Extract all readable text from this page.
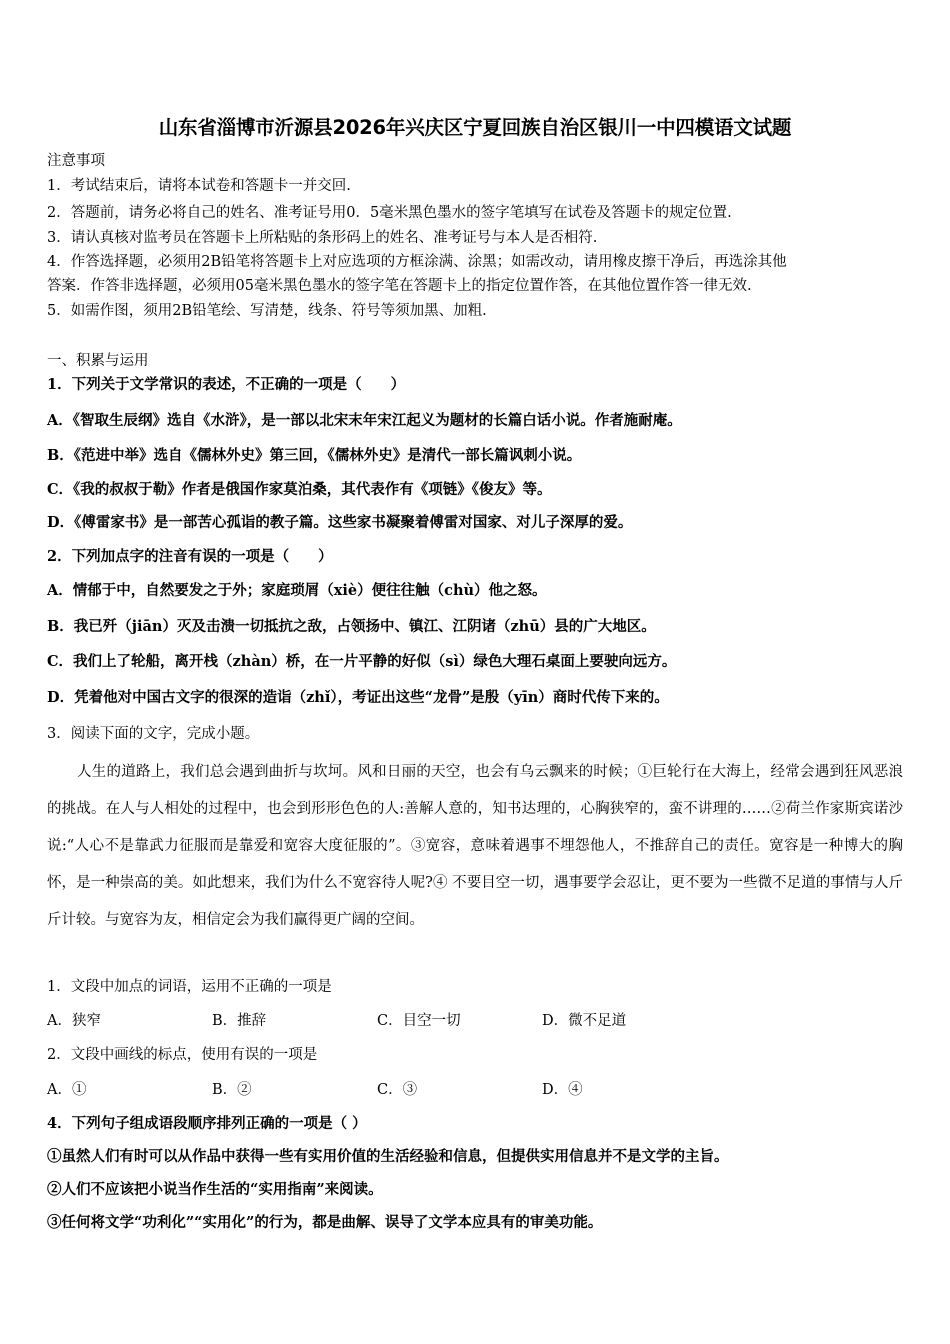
山东省淄博市沂源县2026年兴庆区宁夏回族自治区银川一中四模语文试题
注意事项
1．考试结束后，请将本试卷和答题卡一并交回.
2．答题前，请务必将自己的姓名、准考证号用0．5毫米黑色墨水的签字笔填写在试卷及答题卡的规定位置.
3．请认真核对监考员在答题卡上所粘贴的条形码上的姓名、准考证号与本人是否相符.
4．作答选择题，必须用2B铅笔将答题卡上对应选项的方框涂满、涂黑；如需改动，请用橡皮擦干净后，再选涂其他
答案．作答非选择题，必须用05毫米黑色墨水的签字笔在答题卡上的指定位置作答，在其他位置作答一律无效.
5．如需作图，须用2B铅笔绘、写清楚，线条、符号等须加黑、加粗.
一、积累与运用
1．下列关于文学常识的表述，不正确的一项是（　　）
A．《智取生辰纲》选自《水浒》，是一部以北宋末年宋江起义为题材的长篇白话小说。作者施耐庵。
B．《范进中举》选自《儒林外史》第三回，《儒林外史》是清代一部长篇讽刺小说。
C．《我的叔叔于勒》作者是俄国作家莫泊桑，其代表作有《项链》《俊友》等。
D．《傅雷家书》是一部苦心孤诣的教子篇。这些家书凝聚着傅雷对国家、对儿子深厚的爱。
2．下列加点字的注音有误的一项是（　　）
A．情郁于中，自然要发之于外；家庭琐屑（xiè）便往往触（chù）他之怒。
B．我已歼（jiān）灭及击溃一切抵抗之敌，占领扬中、镇江、江阴诸（zhū）县的广大地区。
C．我们上了轮船，离开栈（zhàn）桥，在一片平静的好似（sì）绿色大理石桌面上要驶向远方。
D．凭着他对中国古文字的很深的造诣（zhǐ），考证出这些“龙骨”是殷（yīn）商时代传下来的。
3．阅读下面的文字，完成小题。

人生的道路上，我们总会遇到曲折与坎坷。风和日丽的天空，也会有乌云飘来的时候；①巨轮行在大海上，经常会遇到狂风恶浪的挑战。在人与人相处的过程中，也会到形形色色的人:善解人意的，知书达理的，心胸狭窄的，蛮不讲理的……②荷兰作家斯宾诺沙说:“人心不是靠武力征服而是靠爱和宽容大度征服的”。③宽容，意味着遇事不埋怨他人，不推辞自己的责任。宽容是一种博大的胸怀，是一种崇高的美。如此想来，我们为什么不宽容待人呢?④ 不要目空一切，遇事要学会忍让，更不要为一些微不足道的事情与人斤斤计较。与宽容为友，相信定会为我们赢得更广阔的空间。

1．文段中加点的词语，运用不正确的一项是
A．狭窄	B．推辞	C．目空一切	D．微不足道
2．文段中画线的标点，使用有误的一项是
A．①	B．②	C．③	D．④
4．下列句子组成语段顺序排列正确的一项是（ ）
①虽然人们有时可以从作品中获得一些有实用价值的生活经验和信息，但提供实用信息并不是文学的主旨。
②人们不应该把小说当作生活的“实用指南”来阅读。
③任何将文学“功利化”“实用化”的行为，都是曲解、误导了文学本应具有的审美功能。
